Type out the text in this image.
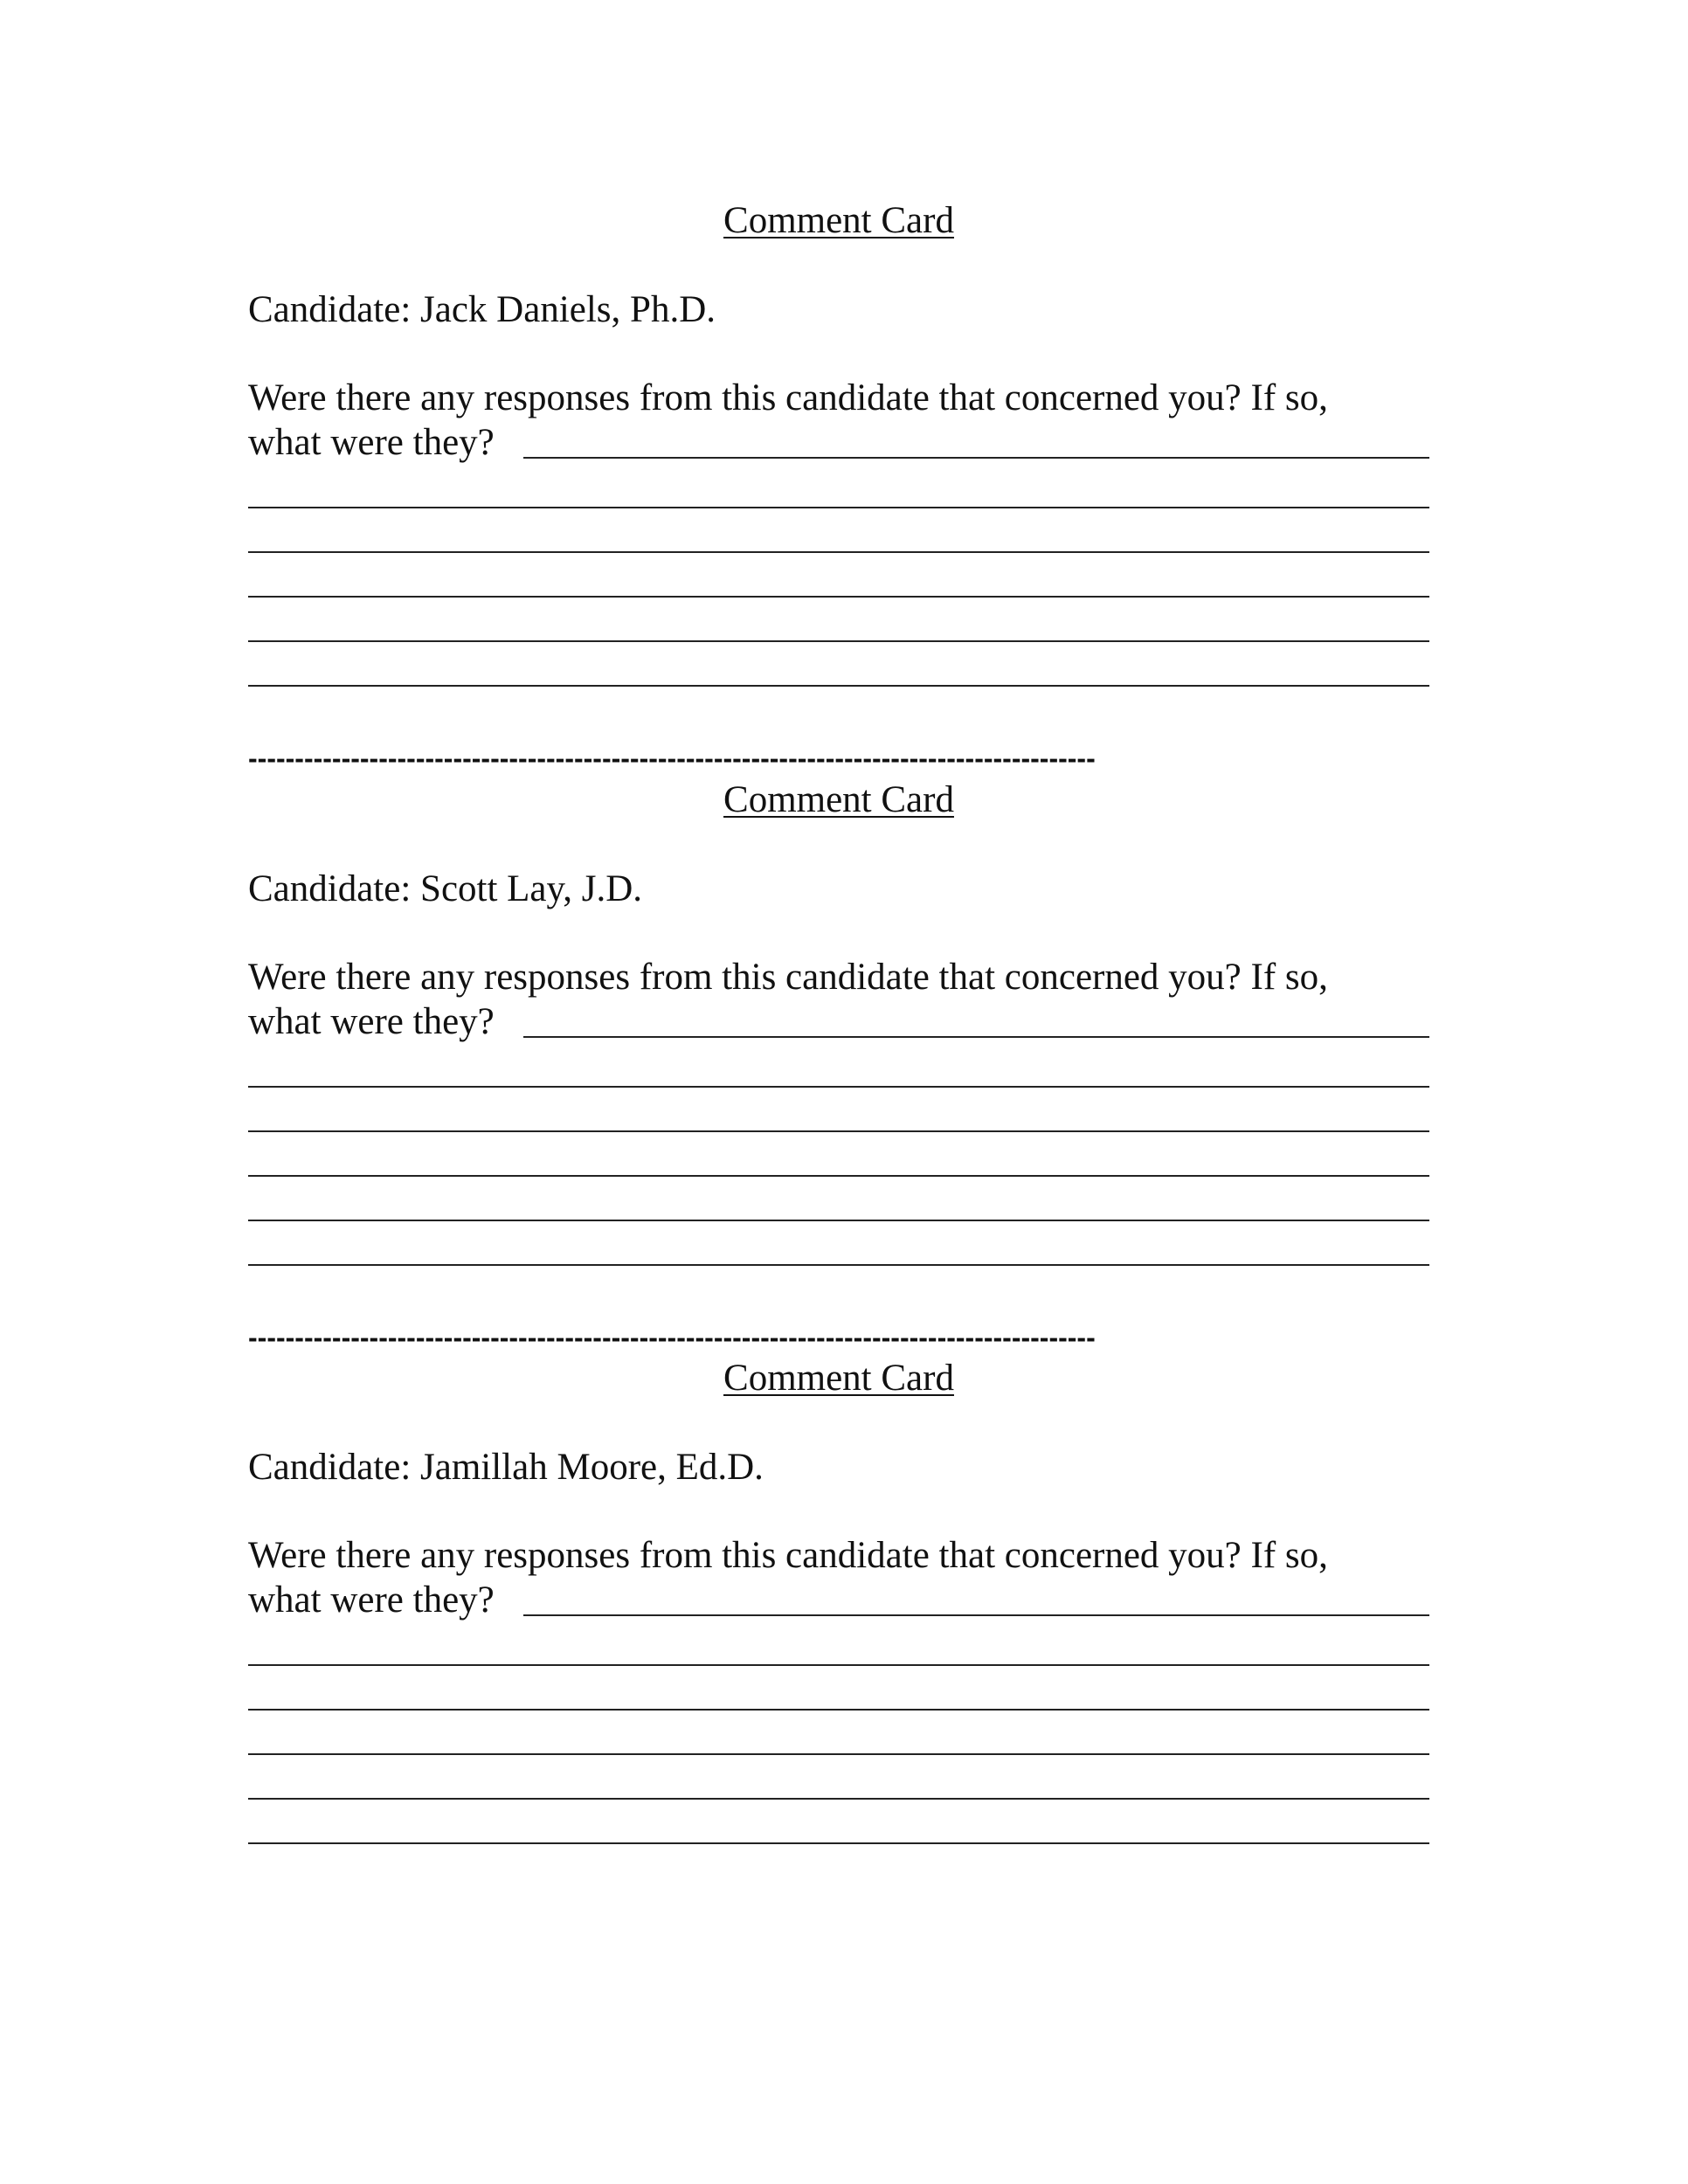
Comment Card
Candidate: Jack Daniels, Ph.D.
Were there any responses from this candidate that concerned you? If so,
what were they?
-------------------------------------------------------------------------------------------
Comment Card
Candidate: Scott Lay, J.D.
Were there any responses from this candidate that concerned you? If so,
what were they?
-------------------------------------------------------------------------------------------
Comment Card
Candidate: Jamillah Moore, Ed.D.
Were there any responses from this candidate that concerned you? If so,
what were they?
